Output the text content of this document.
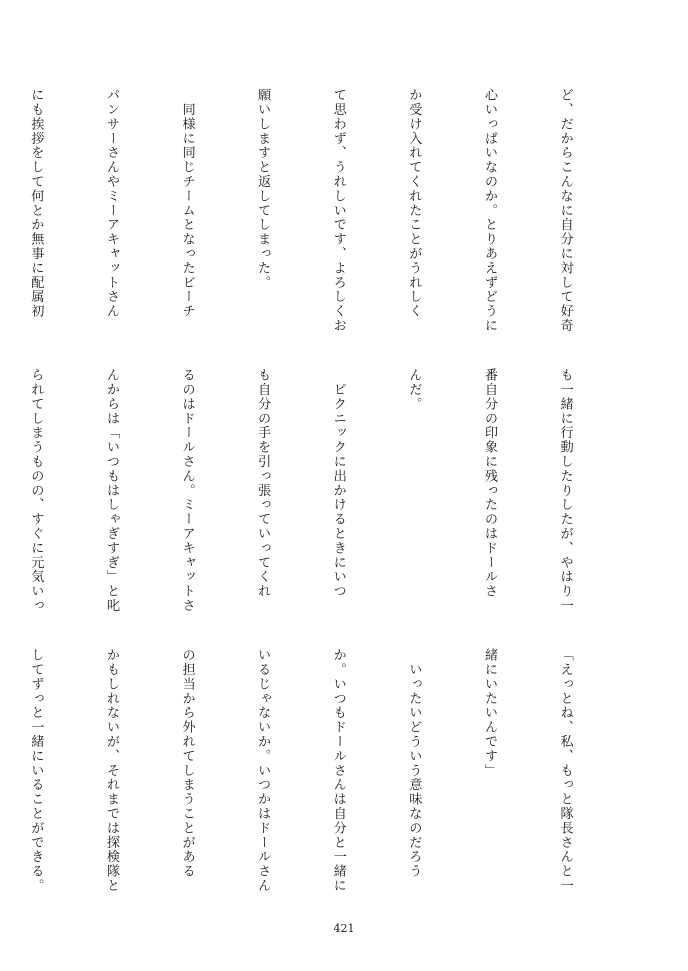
ど、だからこんなに自分に対して好奇

心いっぱいなのか。とりあえずどうに

か受け入れてくれたことがうれしく

て思わず、うれしいです、よろしくお

願いしますと返してしまった。

　同様に同じチームとなったビーチ

パンサーさんやミーアキャットさん

にも挨拶をして何とか無事に配属初

も一緒に行動したりしたが、やはり一

番自分の印象に残ったのはドールさ

んだ。

　ピクニックに出かけるときにいつ

も自分の手を引っ張っていってくれ

るのはドールさん。ミーアキャットさ

んからは「いつもはしゃぎすぎ」と叱

られてしまうものの、すぐに元気いっ

「えっとね、私、もっと隊長さんと一

緒にいたいんです」

　いったいどういう意味なのだろう

か。いつもドールさんは自分と一緒に

いるじゃないか。いつかはドールさん

の担当から外れてしまうことがある

かもしれないが、それまでは探検隊と

してずっと一緒にいることができる。

421
